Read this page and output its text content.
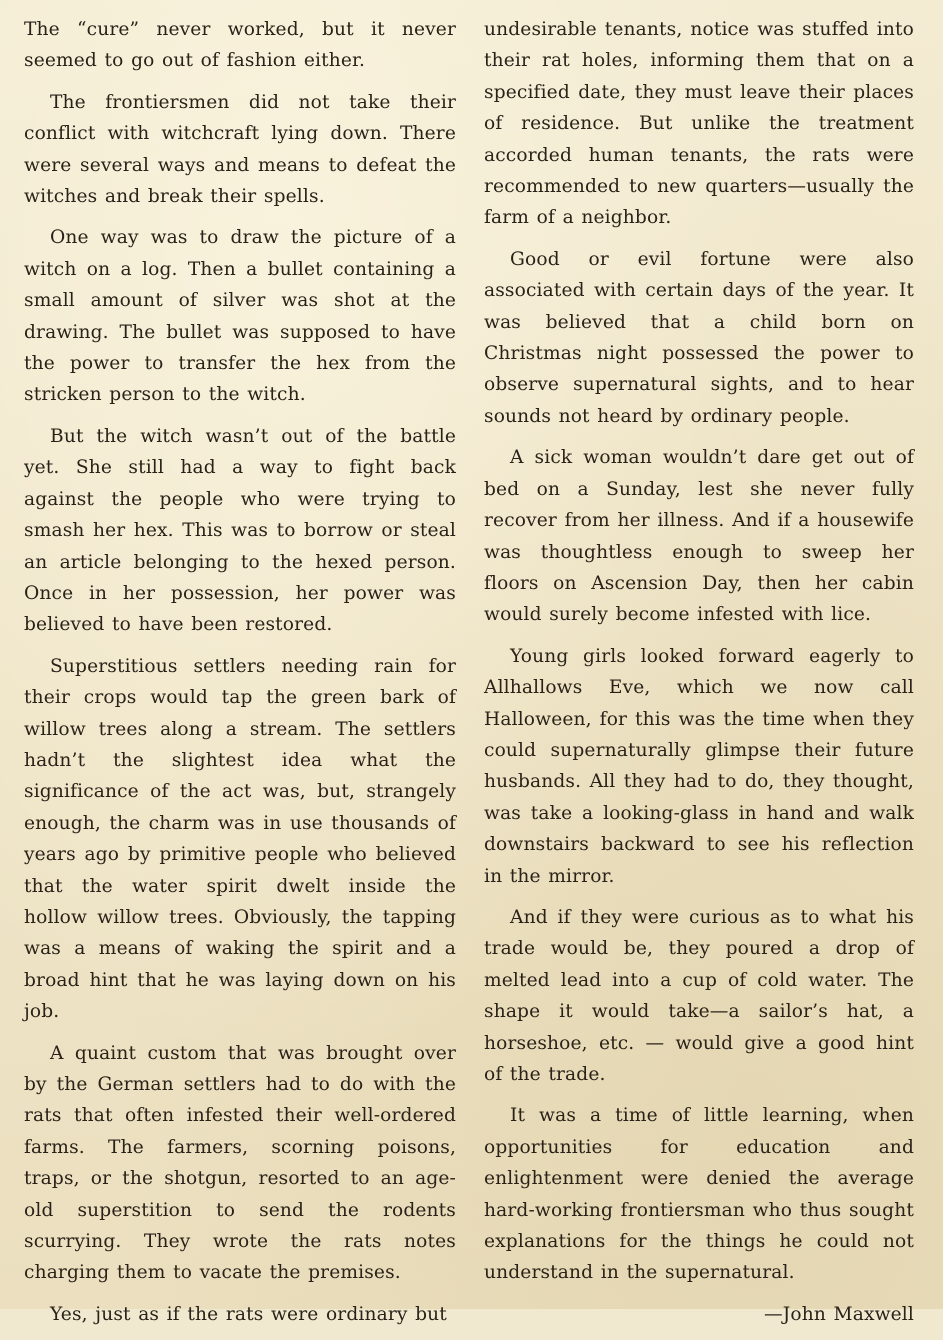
The “cure” never worked, but it never seemed to go out of fashion either.

The frontiersmen did not take their conflict with witchcraft lying down. There were several ways and means to defeat the witches and break their spells.

One way was to draw the picture of a witch on a log. Then a bullet containing a small amount of silver was shot at the drawing. The bullet was supposed to have the power to transfer the hex from the stricken person to the witch.

But the witch wasn’t out of the battle yet. She still had a way to fight back against the people who were trying to smash her hex. This was to borrow or steal an article belonging to the hexed person. Once in her possession, her power was believed to have been restored.

Superstitious settlers needing rain for their crops would tap the green bark of willow trees along a stream. The settlers hadn’t the slightest idea what the significance of the act was, but, strangely enough, the charm was in use thousands of years ago by primitive people who believed that the water spirit dwelt inside the hollow willow trees. Obviously, the tapping was a means of waking the spirit and a broad hint that he was laying down on his job.

A quaint custom that was brought over by the German settlers had to do with the rats that often infested their well-ordered farms. The farmers, scorning poisons, traps, or the shotgun, resorted to an age-old superstition to send the rodents scurrying. They wrote the rats notes charging them to vacate the premises.

Yes, just as if the rats were ordinary but

undesirable tenants, notice was stuffed into their rat holes, informing them that on a specified date, they must leave their places of residence. But unlike the treatment accorded human tenants, the rats were recommended to new quarters—usually the farm of a neighbor.

Good or evil fortune were also associated with certain days of the year. It was believed that a child born on Christmas night possessed the power to observe supernatural sights, and to hear sounds not heard by ordinary people.

A sick woman wouldn’t dare get out of bed on a Sunday, lest she never fully recover from her illness. And if a housewife was thoughtless enough to sweep her floors on Ascension Day, then her cabin would surely become infested with lice.

Young girls looked forward eagerly to Allhallows Eve, which we now call Halloween, for this was the time when they could supernaturally glimpse their future husbands. All they had to do, they thought, was take a looking-glass in hand and walk downstairs backward to see his reflection in the mirror.

And if they were curious as to what his trade would be, they poured a drop of melted lead into a cup of cold water. The shape it would take—a sailor’s hat, a horseshoe, etc. — would give a good hint of the trade.

It was a time of little learning, when opportunities for education and enlightenment were denied the average hard-working frontiersman who thus sought explanations for the things he could not understand in the supernatural.

—John Maxwell
